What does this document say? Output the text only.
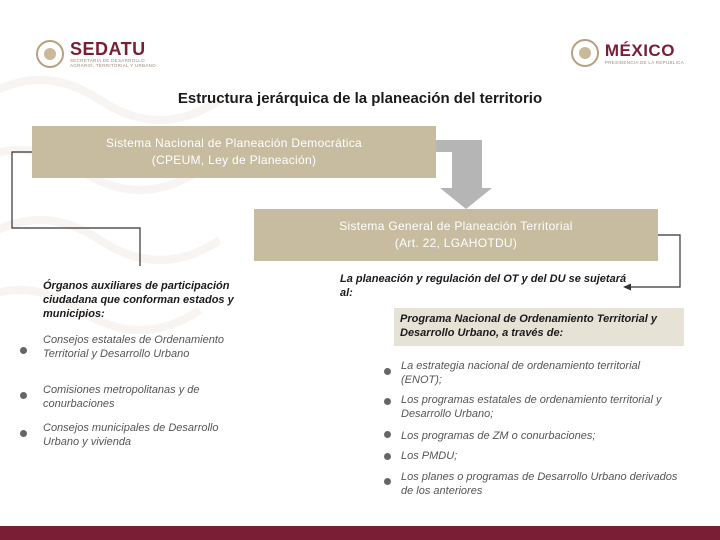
SEDATU
SECRETARÍA DE DESARROLLO
AGRARIO, TERRITORIAL Y URBANO
MÉXICO
PRESIDENCIA DE LA REPÚBLICA
Estructura jerárquica de la planeación del territorio
Sistema Nacional de Planeación Democrática
(CPEUM, Ley de Planeación)
Sistema General de Planeación Territorial
(Art. 22, LGAHOTDU)
Órganos auxiliares de participación ciudadana que conforman estados y municipios:
Consejos estatales de Ordenamiento Territorial y Desarrollo Urbano
Comisiones metropolitanas y de conurbaciones
Consejos municipales de Desarrollo Urbano y vivienda
La planeación y regulación del OT y del DU se sujetará al:
Programa Nacional de Ordenamiento Territorial y Desarrollo Urbano, a través de:
La estrategia nacional de ordenamiento territorial (ENOT);
Los programas estatales de ordenamiento territorial y Desarrollo Urbano;
Los programas de ZM o conurbaciones;
Los PMDU;
Los planes o programas de Desarrollo Urbano derivados de los anteriores
